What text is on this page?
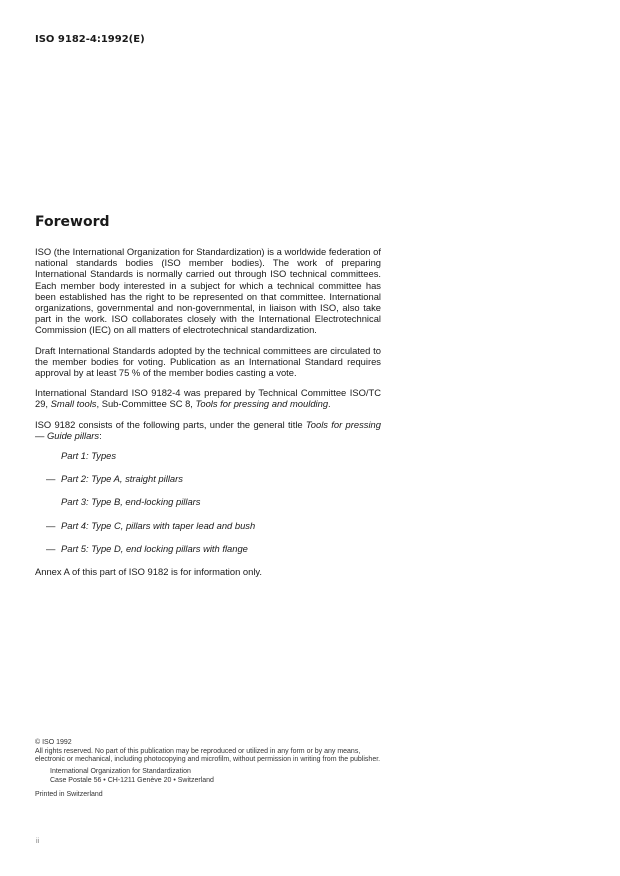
ISO 9182-4:1992(E)
Foreword

ISO (the International Organization for Standardization) is a worldwide federation of national standards bodies (ISO member bodies). The work of preparing International Standards is normally carried out through ISO technical committees. Each member body interested in a subject for which a technical committee has been established has the right to be represented on that committee. International organizations, governmental and non-governmental, in liaison with ISO, also take part in the work. ISO collaborates closely with the International Electrotechnical Commission (IEC) on all matters of electrotechnical standardization.

Draft International Standards adopted by the technical committees are circulated to the member bodies for voting. Publication as an International Standard requires approval by at least 75 % of the member bodies casting a vote.

International Standard ISO 9182-4 was prepared by Technical Committee ISO/TC 29, Small tools, Sub-Committee SC 8, Tools for pressing and moulding.

ISO 9182 consists of the following parts, under the general title Tools for pressing — Guide pillars:

Part 1: Types
— Part 2: Type A, straight pillars
Part 3: Type B, end-locking pillars
— Part 4: Type C, pillars with taper lead and bush
— Part 5: Type D, end locking pillars with flange

Annex A of this part of ISO 9182 is for information only.

© ISO 1992

All rights reserved. No part of this publication may be reproduced or utilized in any form or by any means, electronic or mechanical, including photocopying and microfilm, without permission in writing from the publisher.

International Organization for Standardization

Case Postale 56 • CH-1211 Genève 20 • Switzerland

Printed in Switzerland

ii
